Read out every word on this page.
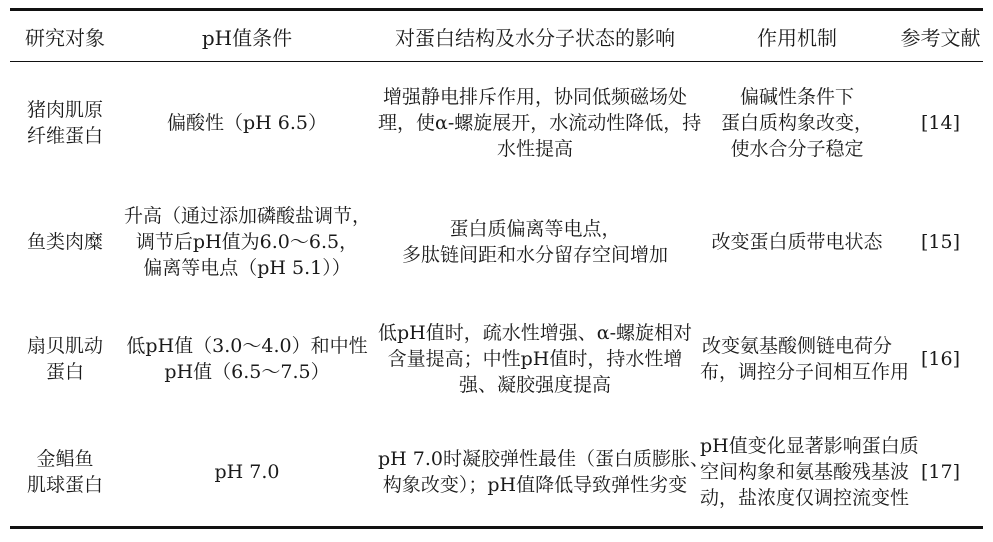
研究对象	pH值条件	对蛋白结构及水分子状态的影响	作用机制	参考文献

猪肉肌原
纤维蛋白	偏酸性（pH 6.5）	增强静电排斥作用，协同低频磁场处
理，使α-螺旋展开，水流动性降低，持
水性提高	偏碱性条件下
蛋白质构象改变，
使水合分子稳定	[14]

鱼类肉糜	升高（通过添加磷酸盐调节，
调节后pH值为6.0～6.5，
偏离等电点（pH 5.1））	蛋白质偏离等电点，
多肽链间距和水分留存空间增加	改变蛋白质带电状态	[15]

扇贝肌动
蛋白	低pH值（3.0～4.0）和中性
pH值（6.5～7.5）	低pH值时，疏水性增强、α-螺旋相对
含量提高；中性pH值时，持水性增
强、凝胶强度提高	改变氨基酸侧链电荷分
布，调控分子间相互作用	[16]

金鲳鱼
肌球蛋白	pH 7.0	pH 7.0时凝胶弹性最佳（蛋白质膨胀、
构象改变）；pH值降低导致弹性劣变	pH值变化显著影响蛋白质
空间构象和氨基酸残基波
动，盐浓度仅调控流变性	[17]
